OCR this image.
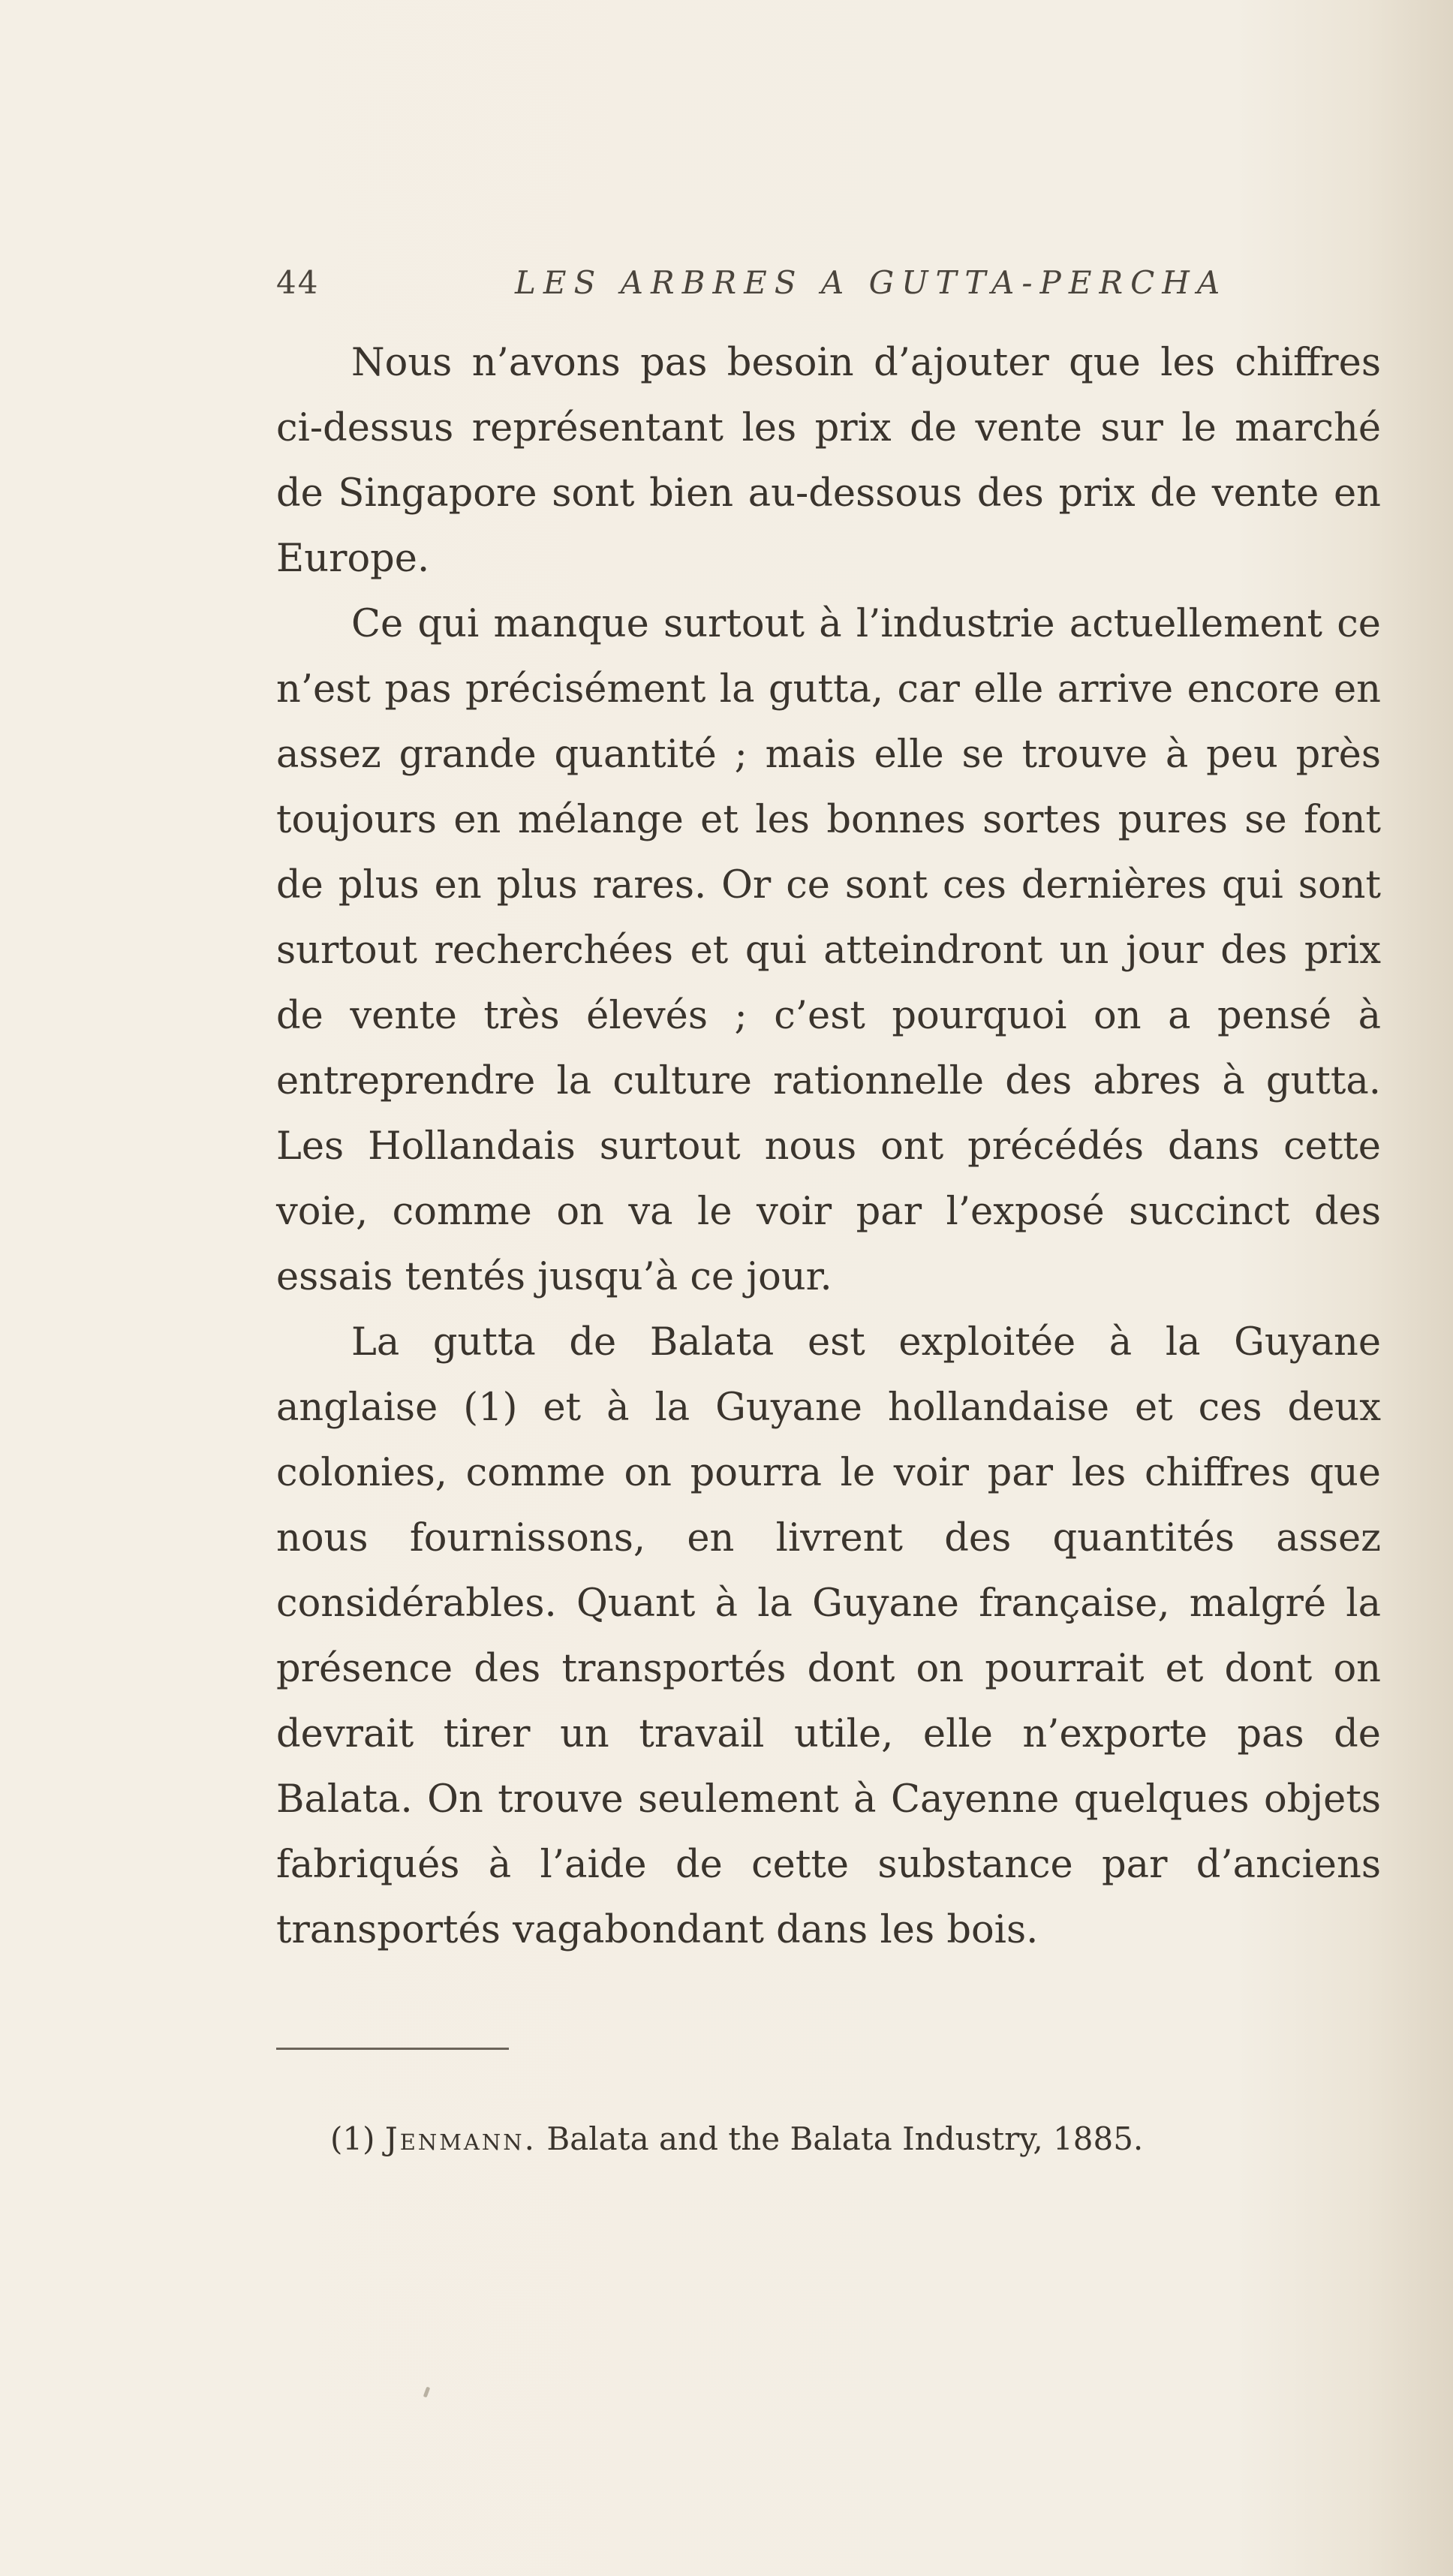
44	LES ARBRES A GUTTA-PERCHA

Nous n’avons pas besoin d’ajouter que les chiffres ci-dessus représentant les prix de vente sur le marché de Singapore sont bien au-dessous des prix de vente en Europe.

Ce qui manque surtout à l’industrie actuellement ce n’est pas précisément la gutta, car elle arrive encore en assez grande quantité ; mais elle se trouve à peu près toujours en mélange et les bonnes sortes pures se font de plus en plus rares. Or ce sont ces dernières qui sont surtout recherchées et qui atteindront un jour des prix de vente très élevés ; c’est pourquoi on a pensé à entreprendre la culture rationnelle des abres à gutta. Les Hollandais surtout nous ont précédés dans cette voie, comme on va le voir par l’exposé succinct des essais tentés jusqu’à ce jour.

La gutta de Balata est exploitée à la Guyane anglaise (1) et à la Guyane hollandaise et ces deux colonies, comme on pourra le voir par les chiffres que nous fournissons, en livrent des quantités assez considérables. Quant à la Guyane française, malgré la présence des transportés dont on pourrait et dont on devrait tirer un travail utile, elle n’exporte pas de Balata. On trouve seulement à Cayenne quelques objets fabriqués à l’aide de cette substance par d’anciens transportés vagabondant dans les bois.

(1) Jenmann. Balata and the Balata Industry, 1885.
